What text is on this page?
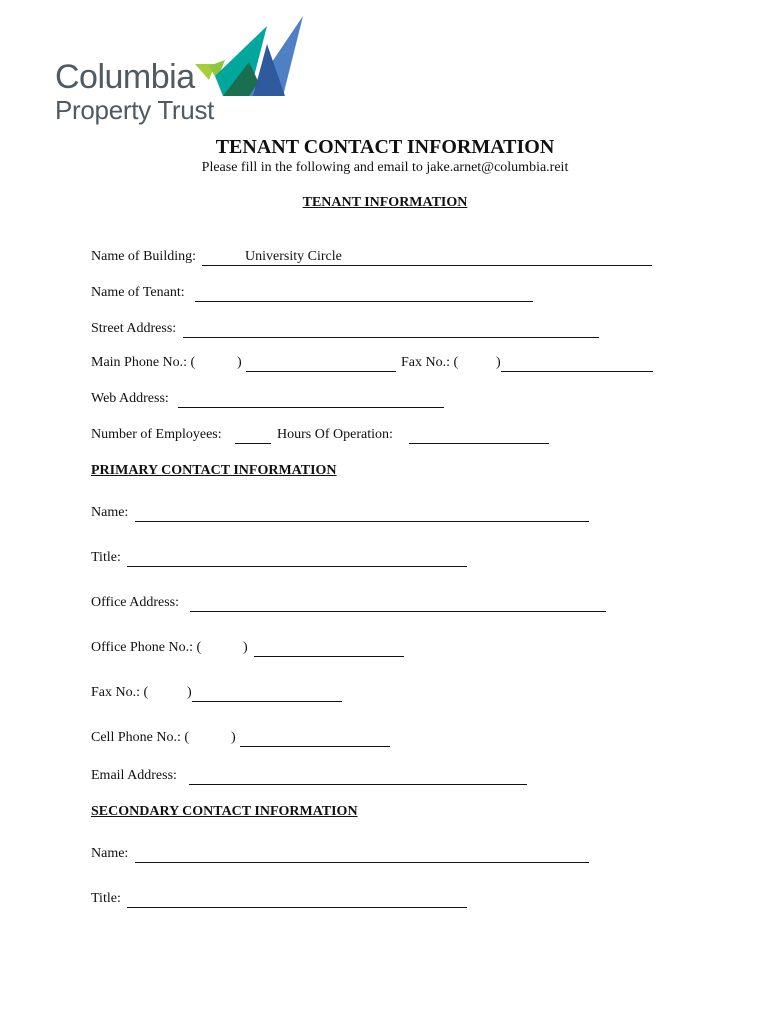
Columbia
Property Trust
TENANT CONTACT INFORMATION
Please fill in the following and email to jake.arnet@columbia.reit
TENANT INFORMATION
Name of Building:	University Circle
Name of Tenant:
Street Address:
Main Phone No.: (	)	Fax No.: (	)
Web Address:
Number of Employees:	Hours Of Operation:
PRIMARY CONTACT INFORMATION
Name:
Title:
Office Address:
Office Phone No.: (	)
Fax No.: (	)
Cell Phone No.: (	)
Email Address:
SECONDARY CONTACT INFORMATION
Name:
Title:
